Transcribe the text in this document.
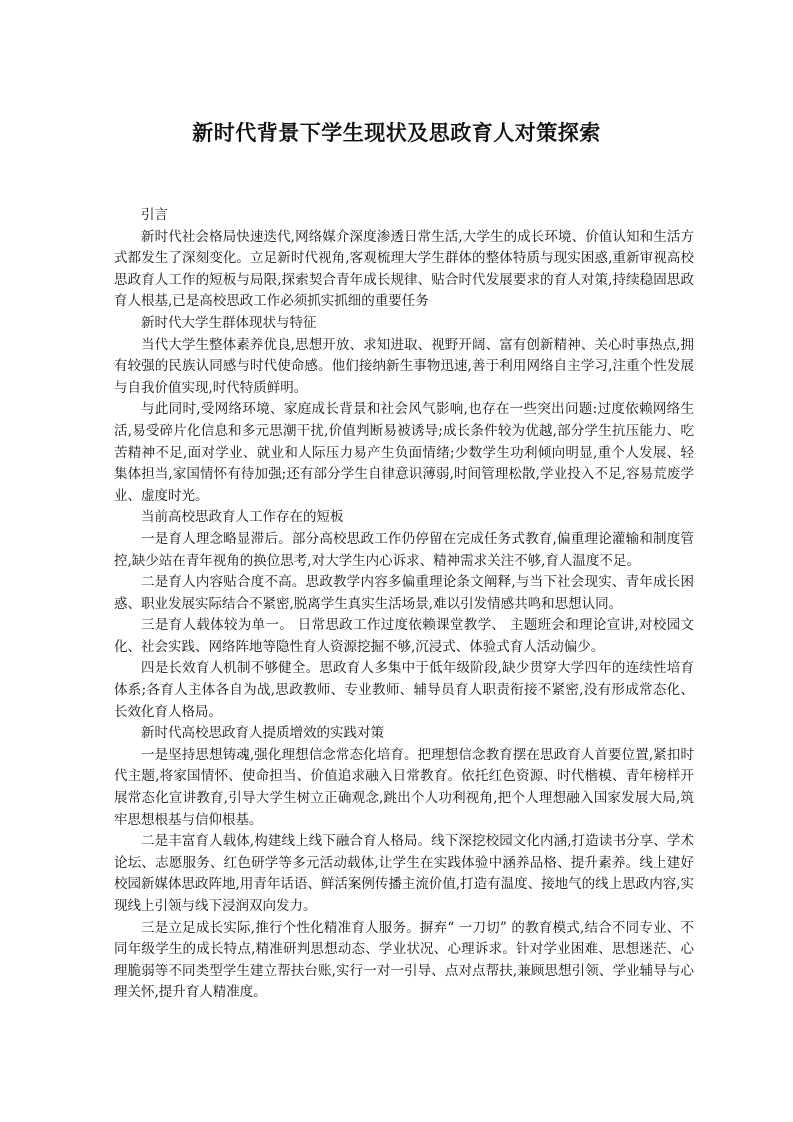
新时代背景下学生现状及思政育人对策探索

引言

新时代社会格局快速迭代,网络媒介深度渗透日常生活,大学生的成长环境、价值认知和生活方式都发生了深刻变化。立足新时代视角,客观梳理大学生群体的整体特质与现实困惑,重新审视高校思政育人工作的短板与局限,探索契合青年成长规律、贴合时代发展要求的育人对策,持续稳固思政育人根基,已是高校思政工作必须抓实抓细的重要任务

新时代大学生群体现状与特征

当代大学生整体素养优良,思想开放、求知进取、视野开阔、富有创新精神、关心时事热点,拥有较强的民族认同感与时代使命感。他们接纳新生事物迅速,善于利用网络自主学习,注重个性发展与自我价值实现,时代特质鲜明。

与此同时,受网络环境、家庭成长背景和社会风气影响,也存在一些突出问题:过度依赖网络生活,易受碎片化信息和多元思潮干扰,价值判断易被诱导;成长条件较为优越,部分学生抗压能力、吃苦精神不足,面对学业、就业和人际压力易产生负面情绪;少数学生功利倾向明显,重个人发展、轻集体担当,家国情怀有待加强;还有部分学生自律意识薄弱,时间管理松散,学业投入不足,容易荒废学业、虚度时光。

当前高校思政育人工作存在的短板

一是育人理念略显滞后。部分高校思政工作仍停留在完成任务式教育,偏重理论灌输和制度管控,缺少站在青年视角的换位思考,对大学生内心诉求、精神需求关注不够,育人温度不足。

二是育人内容贴合度不高。思政教学内容多偏重理论条文阐释,与当下社会现实、青年成长困惑、职业发展实际结合不紧密,脱离学生真实生活场景,难以引发情感共鸣和思想认同。

三是育人载体较为单一。 日常思政工作过度依赖课堂教学、 主题班会和理论宣讲,对校园文化、社会实践、网络阵地等隐性育人资源挖掘不够,沉浸式、体验式育人活动偏少。

四是长效育人机制不够健全。思政育人多集中于低年级阶段,缺少贯穿大学四年的连续性培育体系;各育人主体各自为战,思政教师、专业教师、辅导员育人职责衔接不紧密,没有形成常态化、长效化育人格局。

新时代高校思政育人提质增效的实践对策

一是坚持思想铸魂,强化理想信念常态化培育。把理想信念教育摆在思政育人首要位置,紧扣时代主题,将家国情怀、使命担当、价值追求融入日常教育。依托红色资源、时代楷模、青年榜样开展常态化宣讲教育,引导大学生树立正确观念,跳出个人功利视角,把个人理想融入国家发展大局,筑牢思想根基与信仰根基。

二是丰富育人载体,构建线上线下融合育人格局。线下深挖校园文化内涵,打造读书分享、学术论坛、志愿服务、红色研学等多元活动载体,让学生在实践体验中涵养品格、提升素养。线上建好校园新媒体思政阵地,用青年话语、鲜活案例传播主流价值,打造有温度、接地气的线上思政内容,实现线上引领与线下浸润双向发力。

三是立足成长实际,推行个性化精准育人服务。摒弃“ 一刀切” 的教育模式,结合不同专业、不同年级学生的成长特点,精准研判思想动态、学业状况、心理诉求。针对学业困难、思想迷茫、心理脆弱等不同类型学生建立帮扶台账,实行一对一引导、点对点帮扶,兼顾思想引领、学业辅导与心理关怀,提升育人精准度。
